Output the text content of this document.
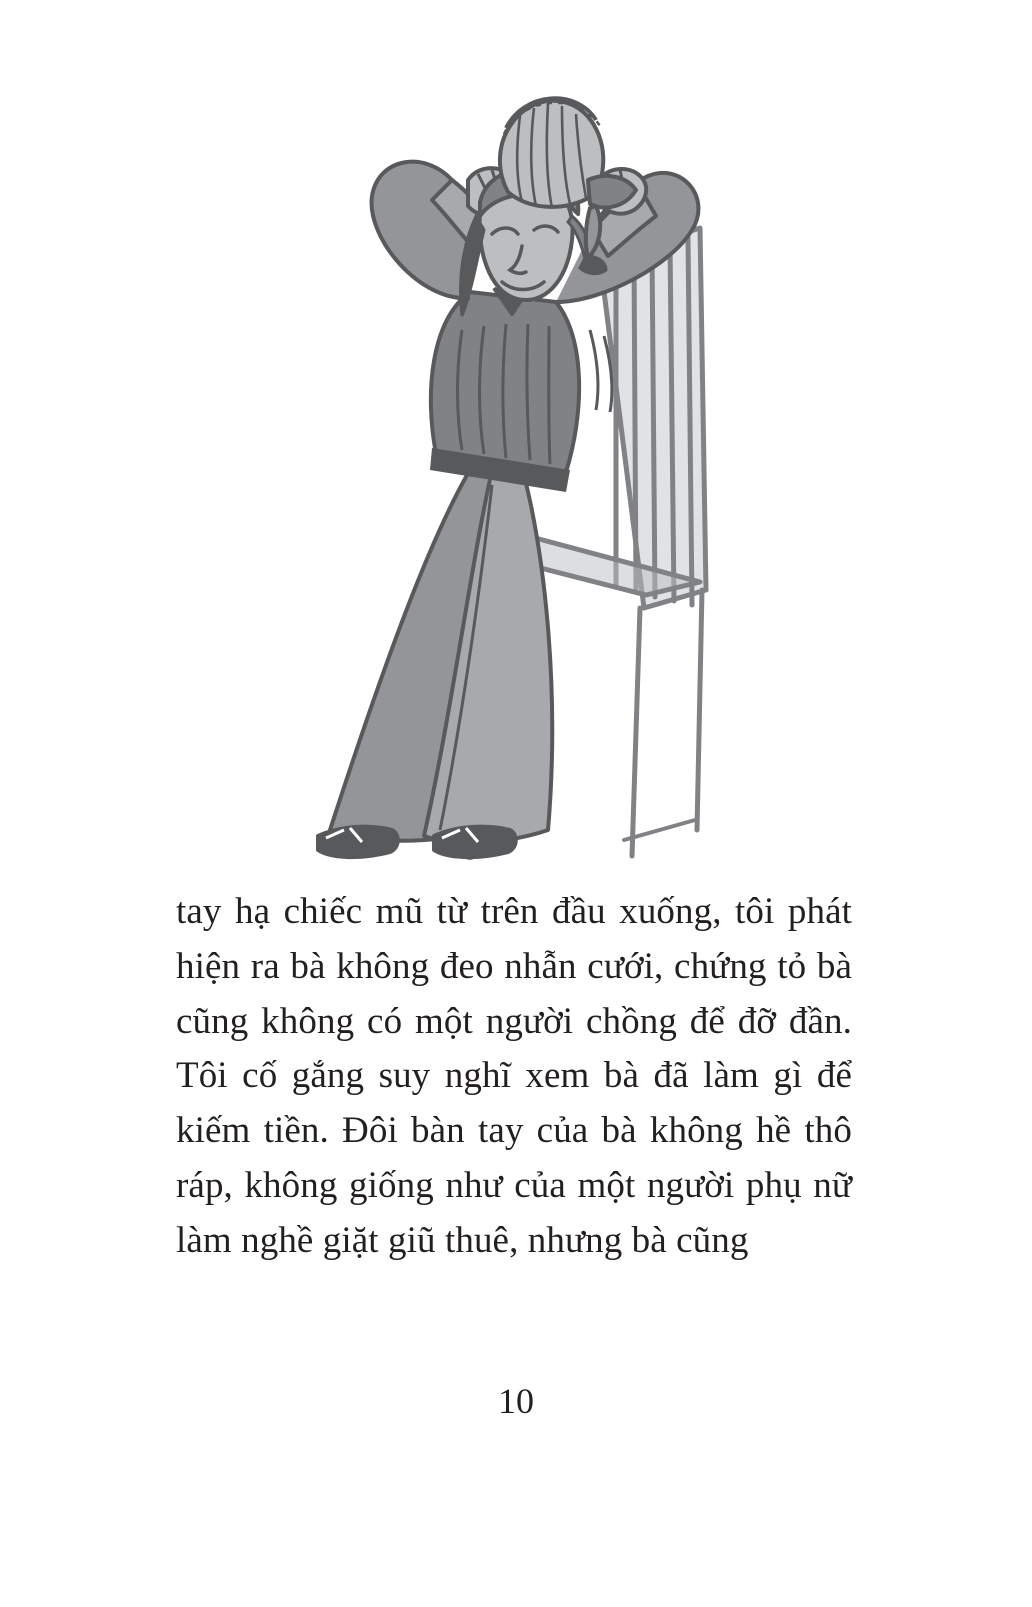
tay hạ chiếc mũ từ trên đầu xuống, tôi phát hiện ra bà không đeo nhẫn cưới, chứng tỏ bà cũng không có một người chồng để đỡ đần. Tôi cố gắng suy nghĩ xem bà đã làm gì để kiếm tiền. Đôi bàn tay của bà không hề thô ráp, không giống như của một người phụ nữ làm nghề giặt giũ thuê, nhưng bà cũng

10
